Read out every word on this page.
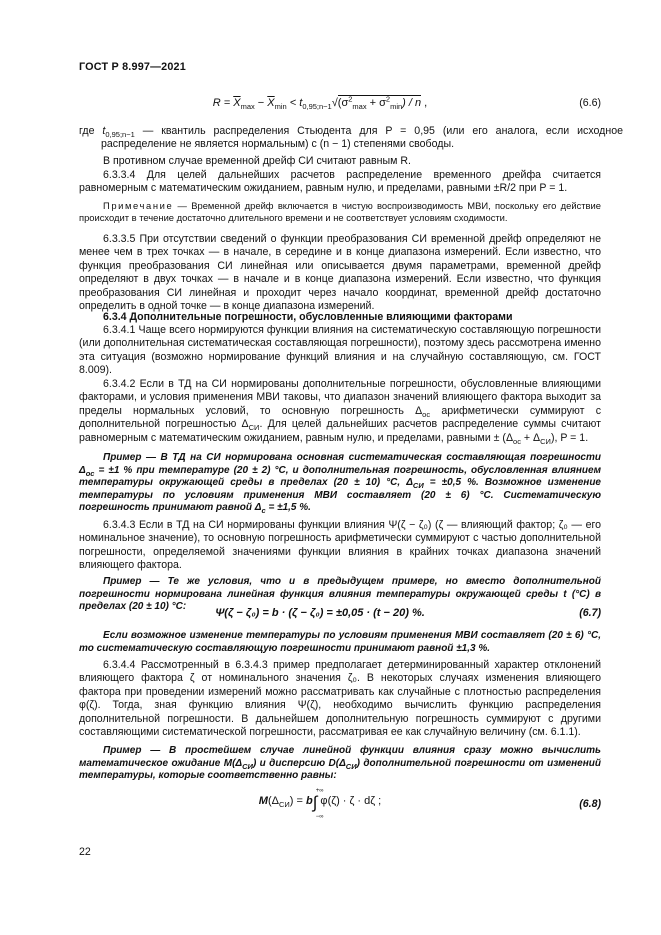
ГОСТ Р 8.997—2021
$R = \overline{X}_{max} - \overline{X}_{min} < t_{0,95;n-1}√(\sigma^2_{max} + \sigma^2_{min}) / n$ ,	(6.6)
где $t_{0,95;n-1}$ — квантиль распределения Стьюдента для P = 0,95 (или его аналога, если исходное распределение не является нормальным) с (n − 1) степенями свободы.
В противном случае временной дрейф СИ считают равным R.
6.3.3.4 Для целей дальнейших расчетов распределение временного дрейфа считается равномерным с математическим ожиданием, равным нулю, и пределами, равными ±R/2 при P = 1.
Примечание — Временной дрейф включается в чистую воспроизводимость МВИ, поскольку его действие происходит в течение достаточно длительного времени и не соответствует условиям сходимости.
6.3.3.5 При отсутствии сведений о функции преобразования СИ временной дрейф определяют не менее чем в трех точках — в начале, в середине и в конце диапазона измерений. Если известно, что функция преобразования СИ линейная или описывается двумя параметрами, временной дрейф определяют в двух точках — в начале и в конце диапазона измерений. Если известно, что функция преобразования СИ линейная и проходит через начало координат, временной дрейф достаточно определить в одной точке — в конце диапазона измерений.
6.3.4 Дополнительные погрешности, обусловленные влияющими факторами
6.3.4.1 Чаще всего нормируются функции влияния на систематическую составляющую погрешности (или дополнительная систематическая составляющая погрешности), поэтому здесь рассмотрена именно эта ситуация (возможно нормирование функций влияния и на случайную составляющую, см. ГОСТ 8.009).
6.3.4.2 Если в ТД на СИ нормированы дополнительные погрешности, обусловленные влияющими факторами, и условия применения МВИ таковы, что диапазон значений влияющего фактора выходит за пределы нормальных условий, то основную погрешность $\Delta_{ос}$ арифметически суммируют с дополнительной погрешностью $\Delta_{СИ}$. Для целей дальнейших расчетов распределение суммы считают равномерным с математическим ожиданием, равным нулю, и пределами, равными ± $(\Delta_{ос} + \Delta_{СИ})$, P = 1.
Пример — В ТД на СИ нормирована основная систематическая составляющая погрешности $\Delta_{ос} = \pm 1$ % при температуре (20 ± 2) °С, и дополнительная погрешность, обусловленная влиянием температуры окружающей среды в пределах (20 ± 10) °С, $\Delta_{СИ} = \pm 0,5$ %. Возможное изменение температуры по условиям применения МВИ составляет (20 ± 6) °С. Систематическую погрешность принимают равной $\Delta_с = \pm 1,5$ %.
6.3.4.3 Если в ТД на СИ нормированы функции влияния Ψ(ζ − ζ₀) (ζ — влияющий фактор; ζ₀ — его номинальное значение), то основную погрешность арифметически суммируют с частью дополнительной погрешности, определяемой значениями функции влияния в крайних точках диапазона значений влияющего фактора.
Пример — Те же условия, что и в предыдущем примере, но вместо дополнительной погрешности нормирована линейная функция влияния температуры окружающей среды t (°С) в пределах (20 ± 10) °С:
Ψ(ζ − ζ₀) = b · (ζ − ζ₀) = ±0,05 · (t − 20) %.	(6.7)
Если возможное изменение температуры по условиям применения МВИ составляет (20 ± 6) °С, то систематическую составляющую погрешности принимают равной ±1,3 %.
6.3.4.4 Рассмотренный в 6.3.4.3 пример предполагает детерминированный характер отклонений влияющего фактора ζ от номинального значения ζ₀. В некоторых случаях изменения влияющего фактора при проведении измерений можно рассматривать как случайные с плотностью распределения φ(ζ). Тогда, зная функцию влияния Ψ(ζ), необходимо вычислить функцию распределения дополнительной погрешности. В дальнейшем дополнительную погрешность суммируют с другими составляющими систематической погрешности, рассматривая ее как случайную величину (см. 6.1.1).
Пример — В простейшем случае линейной функции влияния сразу можно вычислить математическое ожидание $M(\Delta_{СИ})$ и дисперсию $D(\Delta_{СИ})$ дополнительной погрешности от изменений температуры, которые соответственно равны:
$M(\Delta_{СИ}) = b\int$
+∞
−∞
φ(ζ) · ζ · dζ ;	(6.8)
22
